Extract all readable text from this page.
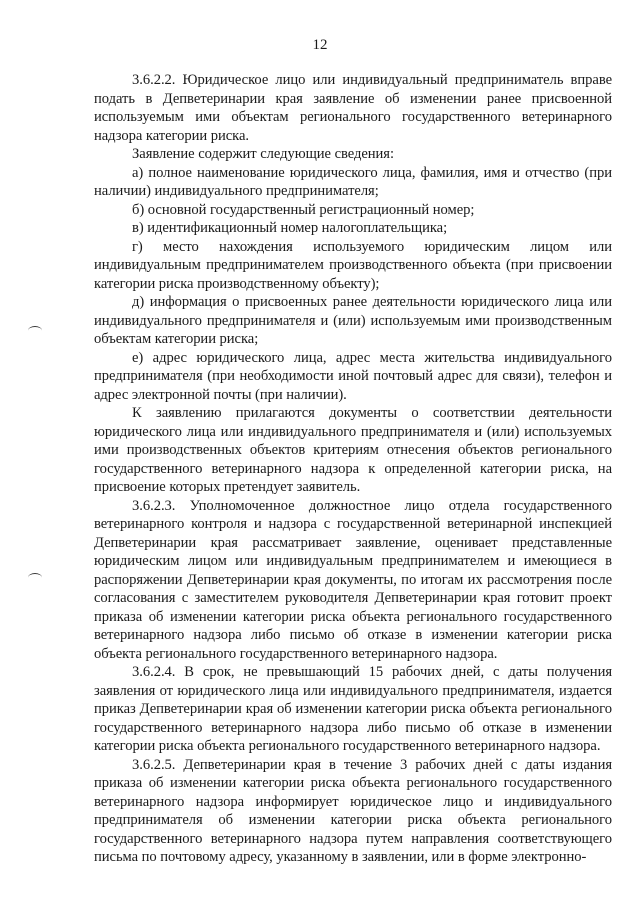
12

3.6.2.2. Юридическое лицо или индивидуальный предприниматель вправе подать в Депветеринарии края заявление об изменении ранее присвоенной используемым ими объектам регионального государственного ветеринарного надзора категории риска.

Заявление содержит следующие сведения:

а) полное наименование юридического лица, фамилия, имя и отчество (при наличии) индивидуального предпринимателя;

б) основной государственный регистрационный номер;

в) идентификационный номер налогоплательщика;

г) место нахождения используемого юридическим лицом или индивидуальным предпринимателем производственного объекта (при присвоении категории риска производственному объекту);

д) информация о присвоенных ранее деятельности юридического лица или индивидуального предпринимателя и (или) используемым ими производственным объектам категории риска;

е) адрес юридического лица, адрес места жительства индивидуального предпринимателя (при необходимости иной почтовый адрес для связи), телефон и адрес электронной почты (при наличии).

К заявлению прилагаются документы о соответствии деятельности юридического лица или индивидуального предпринимателя и (или) используемых ими производственных объектов критериям отнесения объектов регионального государственного ветеринарного надзора к определенной категории риска, на присвоение которых претендует заявитель.

3.6.2.3. Уполномоченное должностное лицо отдела государственного ветеринарного контроля и надзора с государственной ветеринарной инспекцией Депветеринарии края рассматривает заявление, оценивает представленные юридическим лицом или индивидуальным предпринимателем и имеющиеся в распоряжении Депветеринарии края документы, по итогам их рассмотрения после согласования с заместителем руководителя Депветеринарии края готовит проект приказа об изменении категории риска объекта регионального государственного ветеринарного надзора либо письмо об отказе в изменении категории риска объекта регионального государственного ветеринарного надзора.

3.6.2.4. В срок, не превышающий 15 рабочих дней, с даты получения заявления от юридического лица или индивидуального предпринимателя, издается приказ Депветеринарии края об изменении категории риска объекта регионального государственного ветеринарного надзора либо письмо об отказе в изменении категории риска объекта регионального государственного ветеринарного надзора.

3.6.2.5. Депветеринарии края в течение 3 рабочих дней с даты издания приказа об изменении категории риска объекта регионального государственного ветеринарного надзора информирует юридическое лицо и индивидуального предпринимателя об изменении категории риска объекта регионального государственного ветеринарного надзора путем направления соответствующего письма по почтовому адресу, указанному в заявлении, или в форме электронно-
